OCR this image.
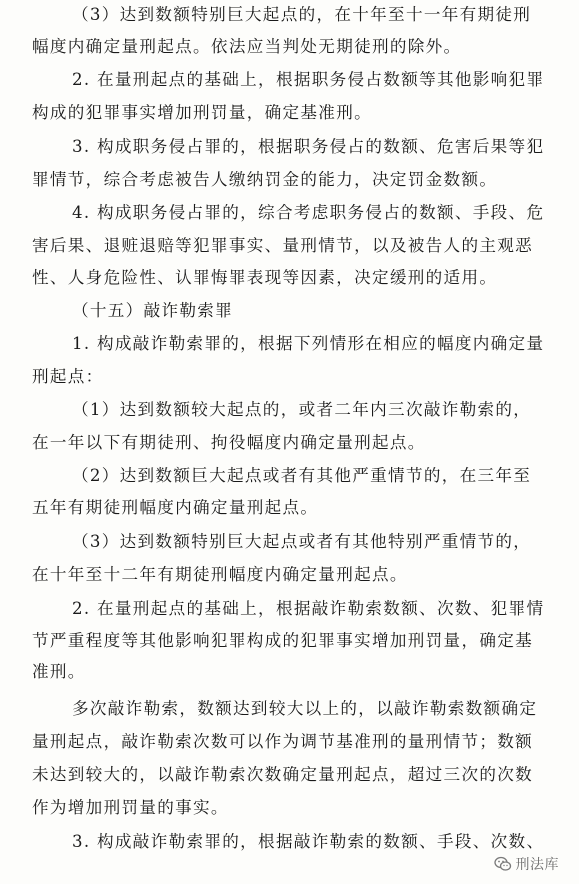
（3）达到数额特别巨大起点的，在十年至十一年有期徒刑
幅度内确定量刑起点。依法应当判处无期徒刑的除外。
2. 在量刑起点的基础上，根据职务侵占数额等其他影响犯罪
构成的犯罪事实增加刑罚量，确定基准刑。
3. 构成职务侵占罪的，根据职务侵占的数额、危害后果等犯
罪情节，综合考虑被告人缴纳罚金的能力，决定罚金数额。
4. 构成职务侵占罪的，综合考虑职务侵占的数额、手段、危
害后果、退赃退赔等犯罪事实、量刑情节，以及被告人的主观恶
性、人身危险性、认罪悔罪表现等因素，决定缓刑的适用。
（十五）敲诈勒索罪
1. 构成敲诈勒索罪的，根据下列情形在相应的幅度内确定量
刑起点：
（1）达到数额较大起点的，或者二年内三次敲诈勒索的，
在一年以下有期徒刑、拘役幅度内确定量刑起点。
（2）达到数额巨大起点或者有其他严重情节的，在三年至
五年有期徒刑幅度内确定量刑起点。
（3）达到数额特别巨大起点或者有其他特别严重情节的，
在十年至十二年有期徒刑幅度内确定量刑起点。
2. 在量刑起点的基础上，根据敲诈勒索数额、次数、犯罪情
节严重程度等其他影响犯罪构成的犯罪事实增加刑罚量，确定基
准刑。
多次敲诈勒索，数额达到较大以上的，以敲诈勒索数额确定
量刑起点，敲诈勒索次数可以作为调节基准刑的量刑情节；数额
未达到较大的，以敲诈勒索次数确定量刑起点，超过三次的次数
作为增加刑罚量的事实。
3. 构成敲诈勒索罪的，根据敲诈勒索的数额、手段、次数、
刑法库
